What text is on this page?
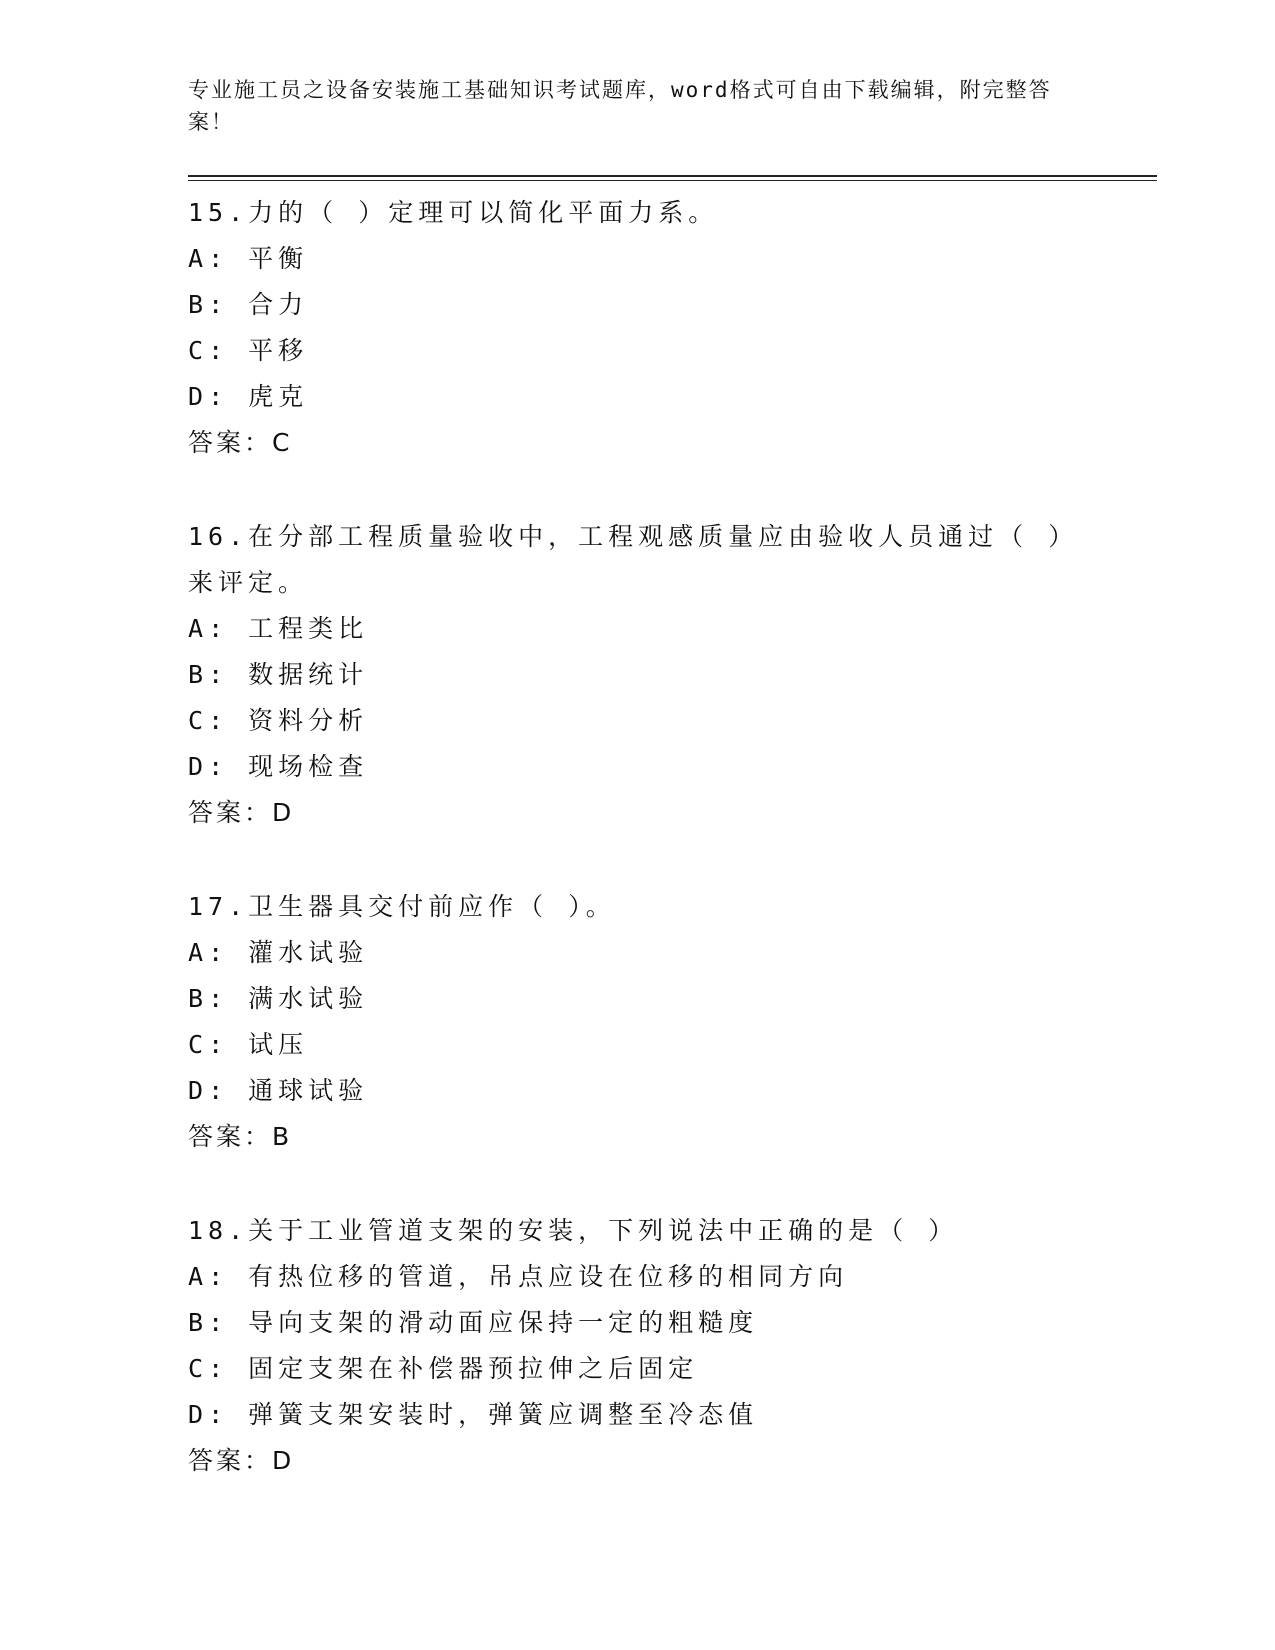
专业施工员之设备安装施工基础知识考试题库，word格式可自由下载编辑，附完整答案！

15.力的（ ）定理可以简化平面力系。
A: 平衡
B: 合力
C: 平移
D: 虎克
答案：C
16.在分部工程质量验收中，工程观感质量应由验收人员通过（ ）来评定。
A: 工程类比
B: 数据统计
C: 资料分析
D: 现场检查
答案：D
17.卫生器具交付前应作（ ）。
A: 灌水试验
B: 满水试验
C: 试压
D: 通球试验
答案：B
18.关于工业管道支架的安装，下列说法中正确的是（ ）
A: 有热位移的管道，吊点应设在位移的相同方向
B: 导向支架的滑动面应保持一定的粗糙度
C: 固定支架在补偿器预拉伸之后固定
D: 弹簧支架安装时，弹簧应调整至冷态值
答案：D
